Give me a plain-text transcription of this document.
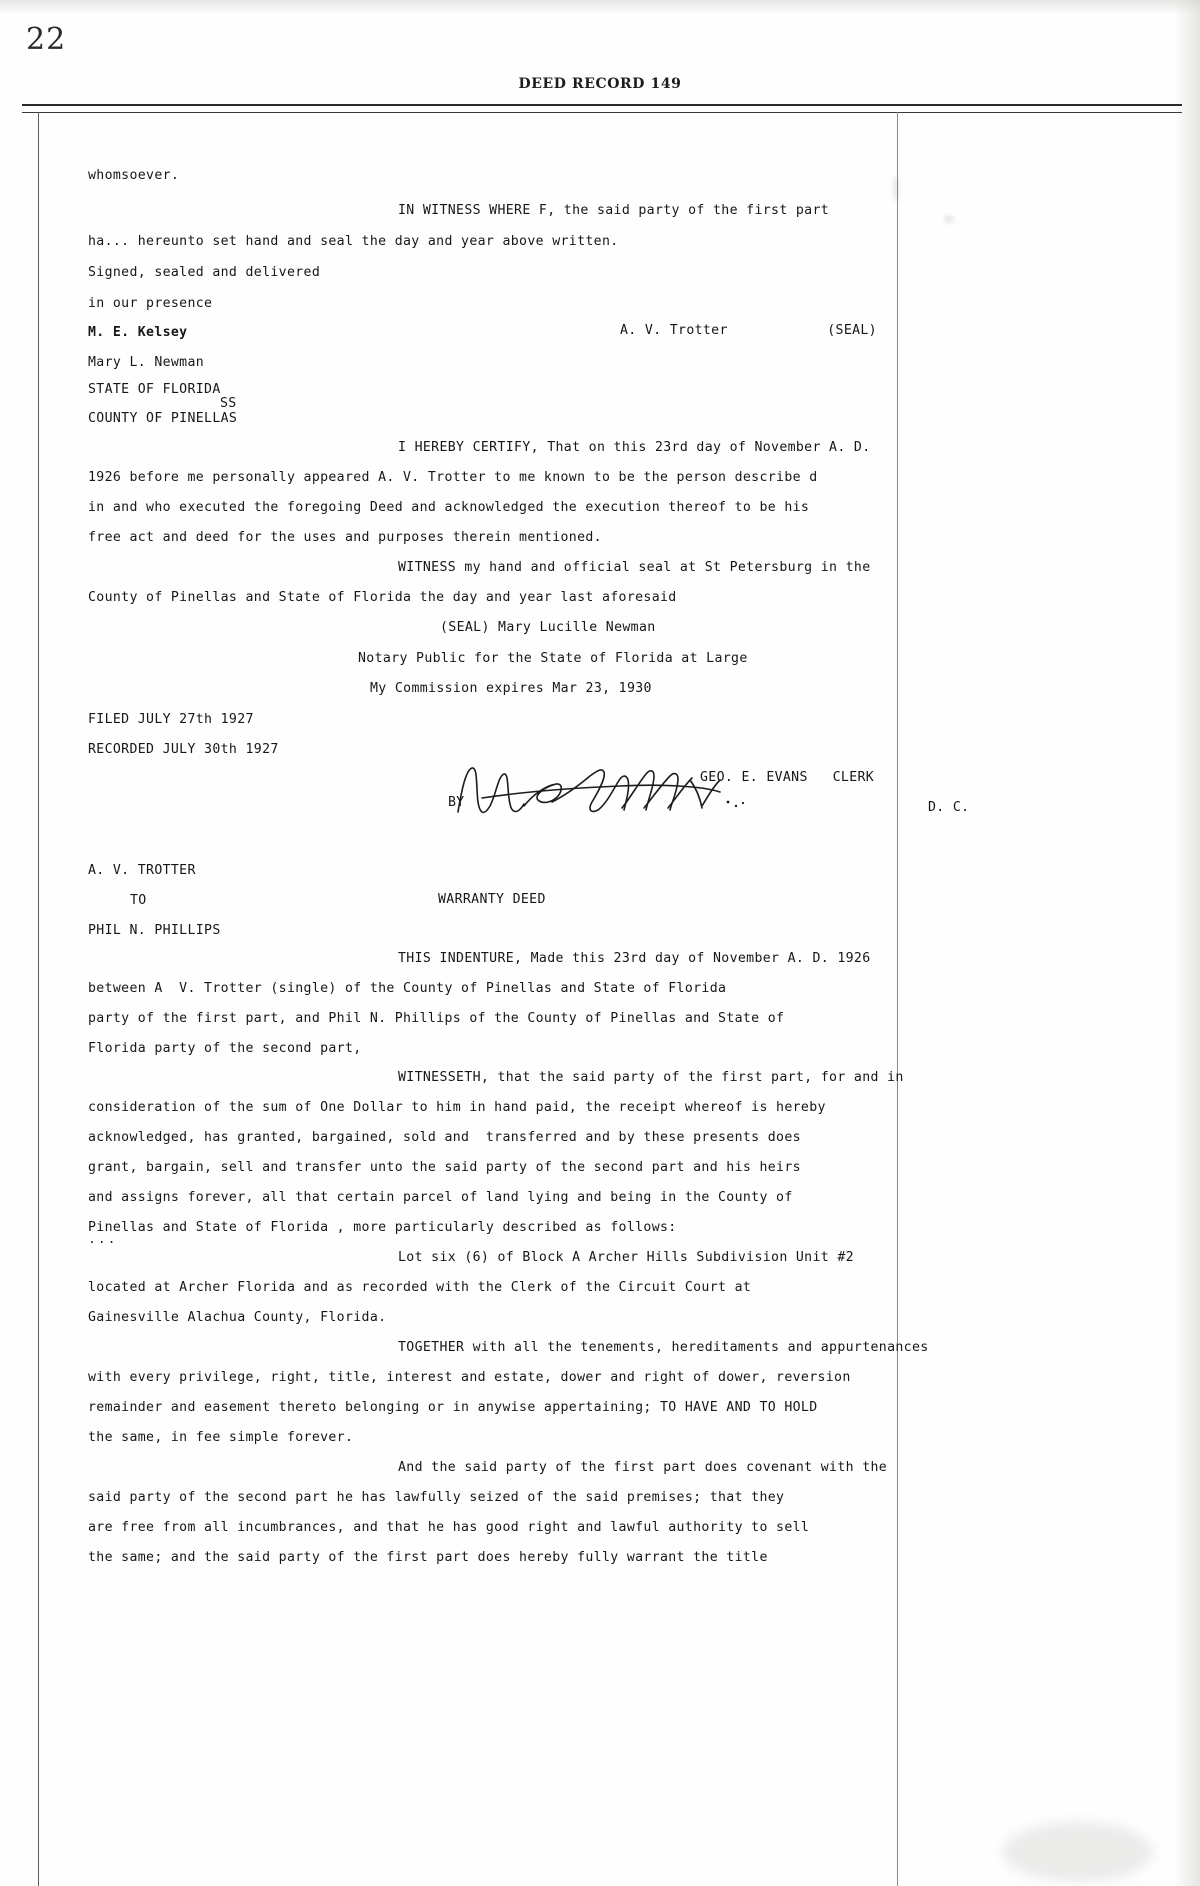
22
DEED RECORD 149
whomsoever.
IN WITNESS WHERE F, the said party of the first part
ha... hereunto set hand and seal the day and year above written.
Signed, sealed and delivered
in our presence
M. E. Kelsey	A. V. Trotter            (SEAL)
Mary L. Newman
STATE OF FLORIDA
SS
COUNTY OF PINELLAS
I HEREBY CERTIFY, That on this 23rd day of November A. D.
1926 before me personally appeared A. V. Trotter to me known to be the person describe d
in and who executed the foregoing Deed and acknowledged the execution thereof to be his
free act and deed for the uses and purposes therein mentioned.
WITNESS my hand and official seal at St Petersburg in the
County of Pinellas and State of Florida the day and year last aforesaid
(SEAL) Mary Lucille Newman
Notary Public for the State of Florida at Large
My Commission expires Mar 23, 1930
FILED JULY 27th 1927
RECORDED JULY 30th 1927
GEO. E. EVANS   CLERK
D. C.
A. V. TROTTER
TO	WARRANTY DEED
PHIL N. PHILLIPS
THIS INDENTURE, Made this 23rd day of November A. D. 1926
between A  V. Trotter (single) of the County of Pinellas and State of Florida
party of the first part, and Phil N. Phillips of the County of Pinellas and State of
Florida party of the second part,
WITNESSETH, that the said party of the first part, for and in
consideration of the sum of One Dollar to him in hand paid, the receipt whereof is hereby
acknowledged, has granted, bargained, sold and  transferred and by these presents does
grant, bargain, sell and transfer unto the said party of the second part and his heirs
and assigns forever, all that certain parcel of land lying and being in the County of
Pinellas and State of Florida , more particularly described as follows:
Lot six (6) of Block A Archer Hills Subdivision Unit #2
located at Archer Florida and as recorded with the Clerk of the Circuit Court at
Gainesville Alachua County, Florida.
TOGETHER with all the tenements, hereditaments and appurtenances
with every privilege, right, title, interest and estate, dower and right of dower, reversion
remainder and easement thereto belonging or in anywise appertaining; TO HAVE AND TO HOLD
the same, in fee simple forever.
And the said party of the first part does covenant with the
said party of the second part he has lawfully seized of the said premises; that they
are free from all incumbrances, and that he has good right and lawful authority to sell
the same; and the said party of the first part does hereby fully warrant the title
BY
...
